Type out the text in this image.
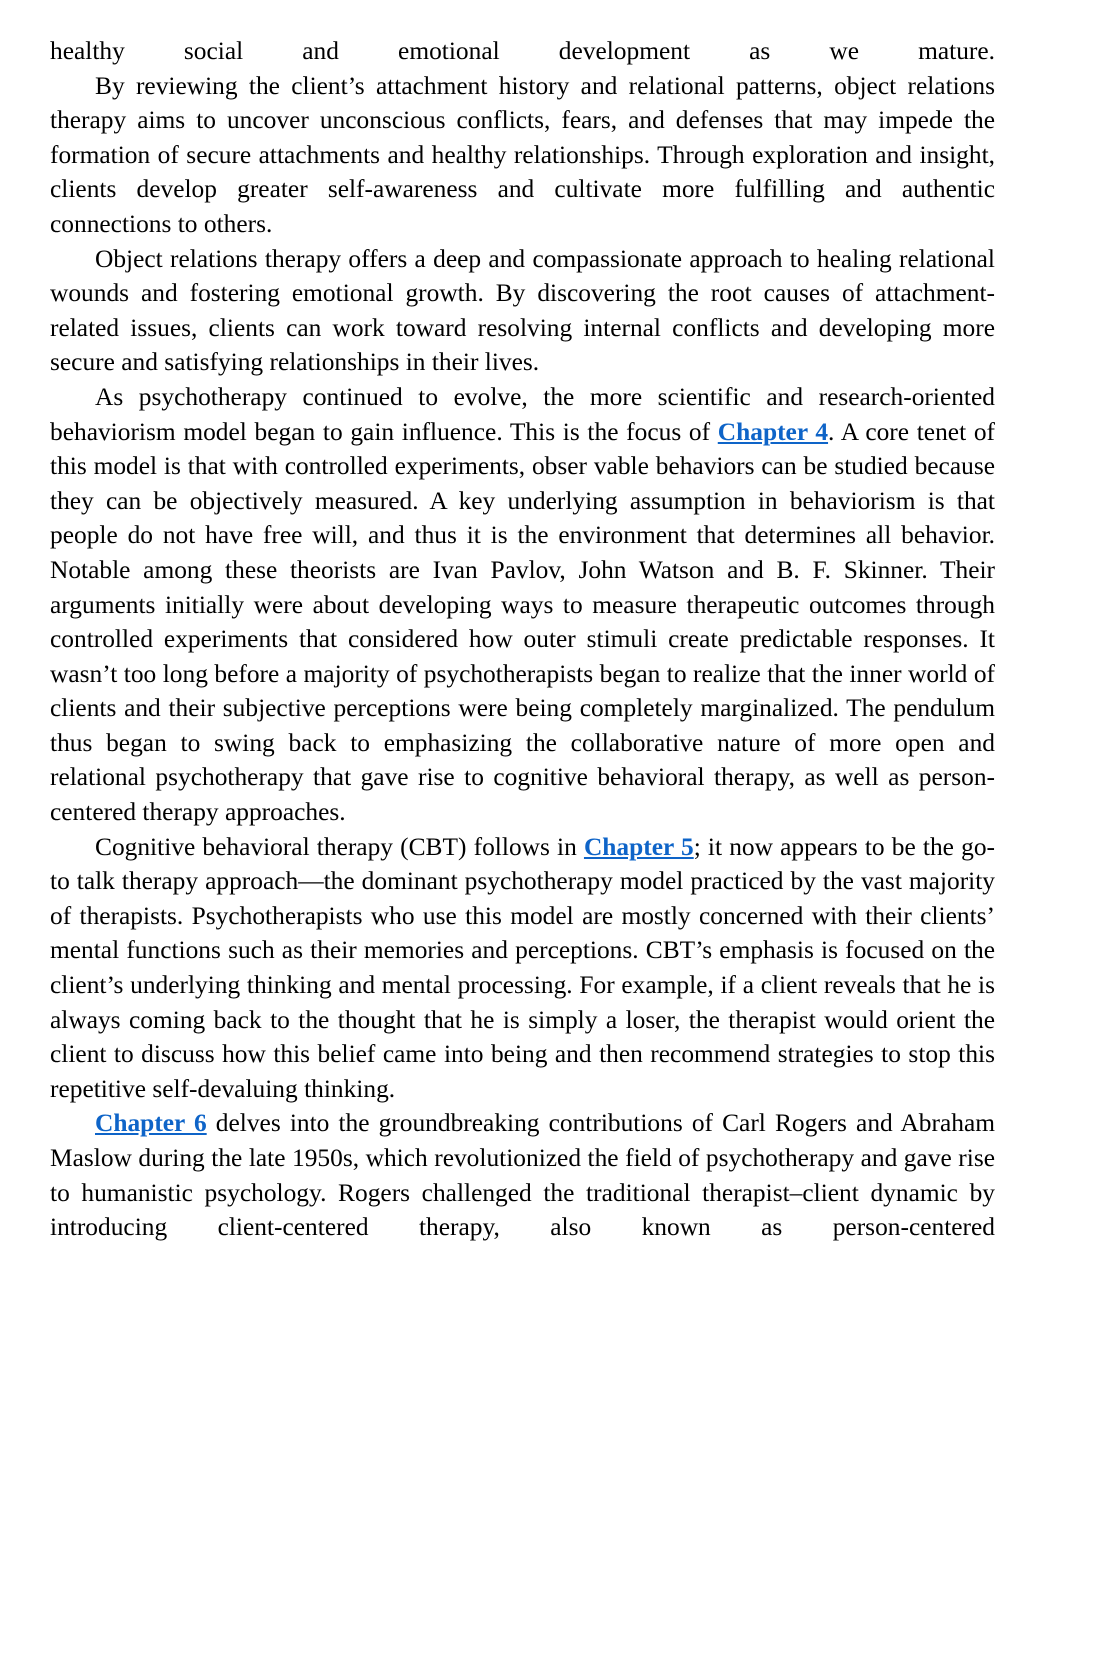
healthy social and emotional development as we mature.

By reviewing the client’s attachment history and relational patterns, object relations therapy aims to uncover unconscious conflicts, fears, and defenses that may impede the formation of secure attachments and healthy relationships. Through exploration and insight, clients develop greater self-awareness and cultivate more fulfilling and authentic connections to others.

Object relations therapy offers a deep and compassionate approach to healing relational wounds and fostering emotional growth. By discovering the root causes of attachment-related issues, clients can work toward resolving internal conflicts and developing more secure and satisfying relationships in their lives.

As psychotherapy continued to evolve, the more scientific and research-oriented behaviorism model began to gain influence. This is the focus of Chapter 4. A core tenet of this model is that with controlled experiments, obser vable behaviors can be studied because they can be objectively measured. A key underlying assumption in behaviorism is that people do not have free will, and thus it is the environment that determines all behavior. Notable among these theorists are Ivan Pavlov, John Watson and B. F. Skinner. Their arguments initially were about developing ways to measure therapeutic outcomes through controlled experiments that considered how outer stimuli create predictable responses. It wasn’t too long before a majority of psychotherapists began to realize that the inner world of clients and their subjective perceptions were being completely marginalized. The pendulum thus began to swing back to emphasizing the collaborative nature of more open and relational psychotherapy that gave rise to cognitive behavioral therapy, as well as person-centered therapy approaches.

Cognitive behavioral therapy (CBT) follows in Chapter 5; it now appears to be the go-to talk therapy approach—the dominant psychotherapy model practiced by the vast majority of therapists. Psychotherapists who use this model are mostly concerned with their clients’ mental functions such as their memories and perceptions. CBT’s emphasis is focused on the client’s underlying thinking and mental processing. For example, if a client reveals that he is always coming back to the thought that he is simply a loser, the therapist would orient the client to discuss how this belief came into being and then recommend strategies to stop this repetitive self-devaluing thinking.

Chapter 6 delves into the groundbreaking contributions of Carl Rogers and Abraham Maslow during the late 1950s, which revolutionized the field of psychotherapy and gave rise to humanistic psychology. Rogers challenged the traditional therapist–client dynamic by introducing client-centered therapy, also known as person-centered
